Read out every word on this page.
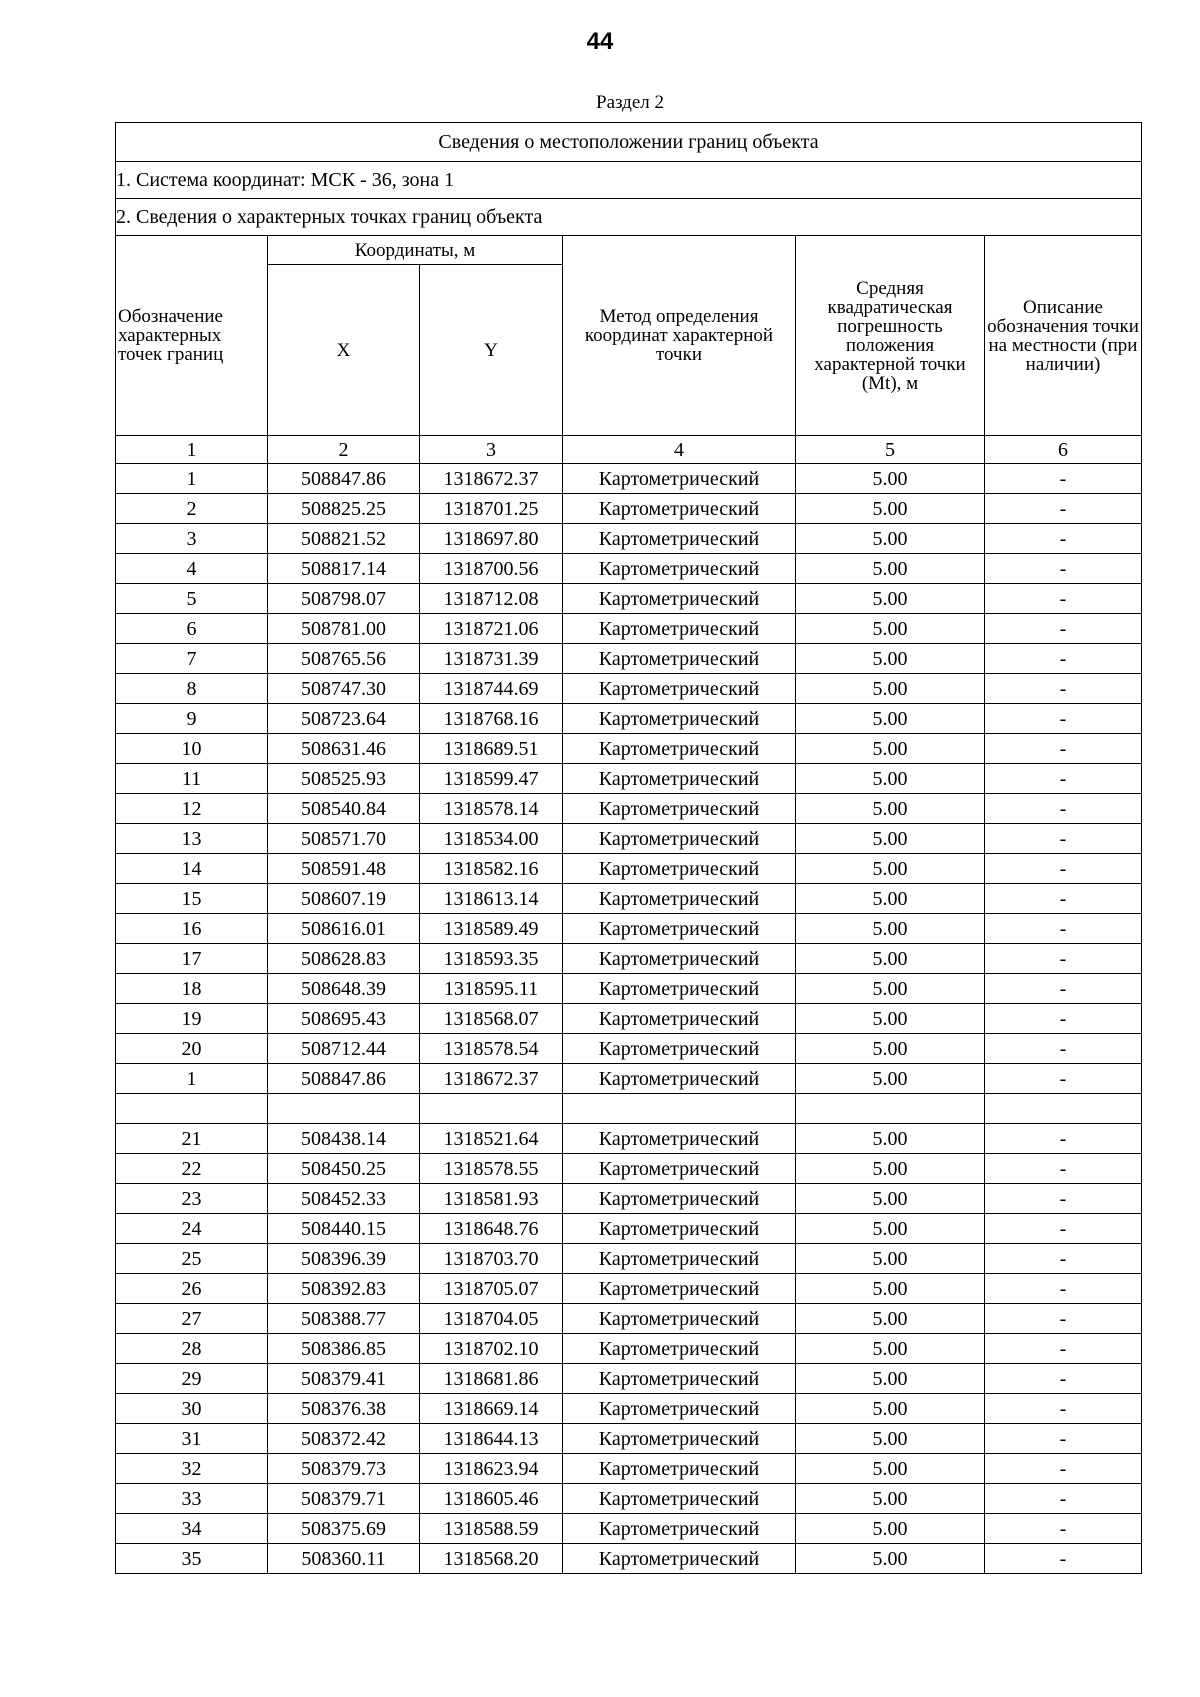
44
Раздел 2
Сведения о местоположении границ объекта					
1. Система координат: МСК - 36, зона 1					
2. Сведения о характерных точках границ объекта					
Обозначение характерных точек границ	Координаты, м		Метод определения координат характерной точки	Средняя квадратическая погрешность положения характерной точки (Mt), м	Описание обозначения точки на местности (при наличии)
	X	Y			
1	2	3	4	5	6
1	508847.86	1318672.37	Картометрический	5.00	-
2	508825.25	1318701.25	Картометрический	5.00	-
3	508821.52	1318697.80	Картометрический	5.00	-
4	508817.14	1318700.56	Картометрический	5.00	-
5	508798.07	1318712.08	Картометрический	5.00	-
6	508781.00	1318721.06	Картометрический	5.00	-
7	508765.56	1318731.39	Картометрический	5.00	-
8	508747.30	1318744.69	Картометрический	5.00	-
9	508723.64	1318768.16	Картометрический	5.00	-
10	508631.46	1318689.51	Картометрический	5.00	-
11	508525.93	1318599.47	Картометрический	5.00	-
12	508540.84	1318578.14	Картометрический	5.00	-
13	508571.70	1318534.00	Картометрический	5.00	-
14	508591.48	1318582.16	Картометрический	5.00	-
15	508607.19	1318613.14	Картометрический	5.00	-
16	508616.01	1318589.49	Картометрический	5.00	-
17	508628.83	1318593.35	Картометрический	5.00	-
18	508648.39	1318595.11	Картометрический	5.00	-
19	508695.43	1318568.07	Картометрический	5.00	-
20	508712.44	1318578.54	Картометрический	5.00	-
1	508847.86	1318672.37	Картометрический	5.00	-

21	508438.14	1318521.64	Картометрический	5.00	-
22	508450.25	1318578.55	Картометрический	5.00	-
23	508452.33	1318581.93	Картометрический	5.00	-
24	508440.15	1318648.76	Картометрический	5.00	-
25	508396.39	1318703.70	Картометрический	5.00	-
26	508392.83	1318705.07	Картометрический	5.00	-
27	508388.77	1318704.05	Картометрический	5.00	-
28	508386.85	1318702.10	Картометрический	5.00	-
29	508379.41	1318681.86	Картометрический	5.00	-
30	508376.38	1318669.14	Картометрический	5.00	-
31	508372.42	1318644.13	Картометрический	5.00	-
32	508379.73	1318623.94	Картометрический	5.00	-
33	508379.71	1318605.46	Картометрический	5.00	-
34	508375.69	1318588.59	Картометрический	5.00	-
35	508360.11	1318568.20	Картометрический	5.00	-
